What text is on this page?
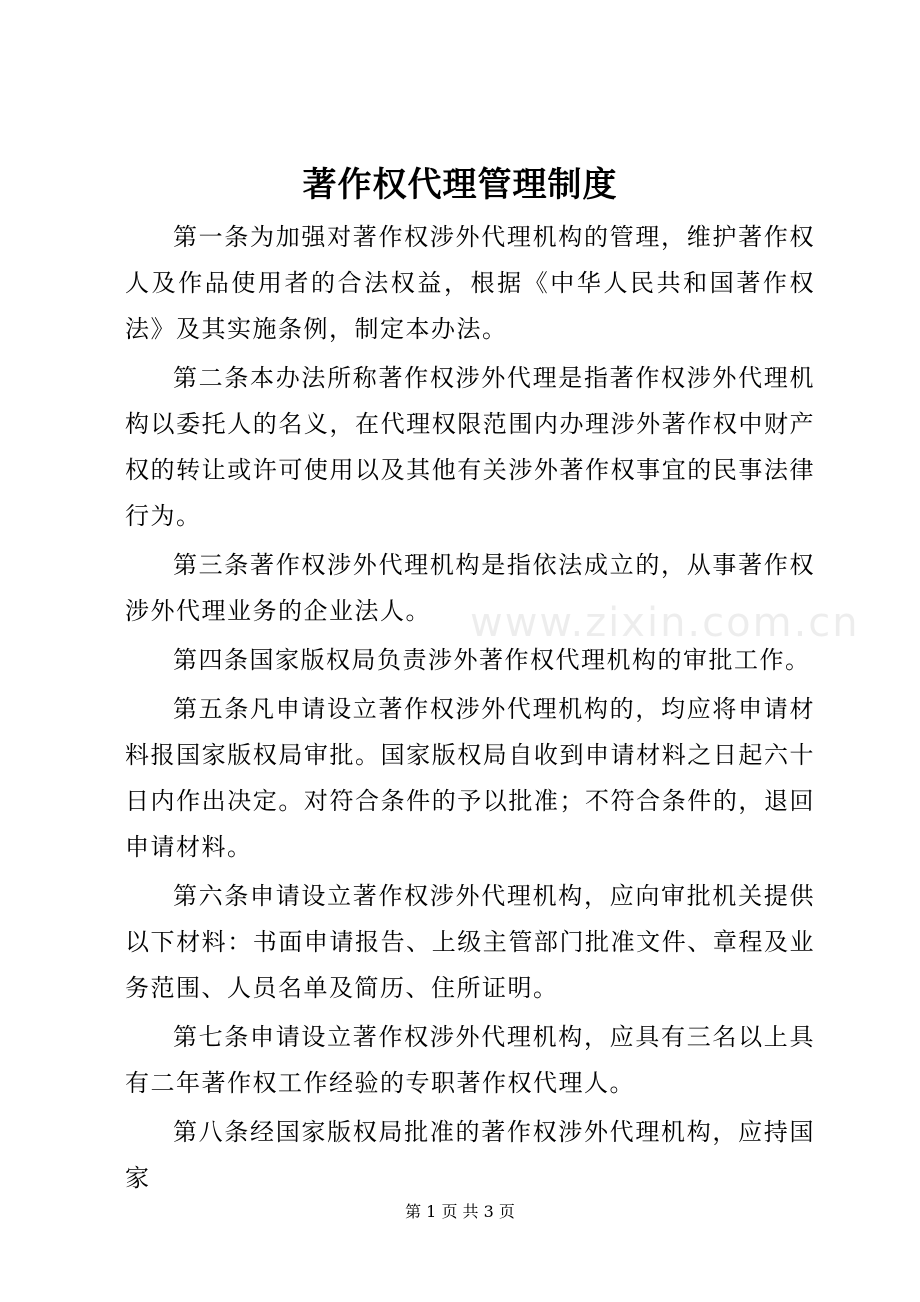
著作权代理管理制度
www.zixin.com.cn

第一条为加强对著作权涉外代理机构的管理，维护著作权人及作品使用者的合法权益，根据《中华人民共和国著作权法》及其实施条例，制定本办法。

第二条本办法所称著作权涉外代理是指著作权涉外代理机构以委托人的名义，在代理权限范围内办理涉外著作权中财产权的转让或许可使用以及其他有关涉外著作权事宜的民事法律行为。

第三条著作权涉外代理机构是指依法成立的，从事著作权涉外代理业务的企业法人。

第四条国家版权局负责涉外著作权代理机构的审批工作。

第五条凡申请设立著作权涉外代理机构的，均应将申请材料报国家版权局审批。国家版权局自收到申请材料之日起六十日内作出决定。对符合条件的予以批准；不符合条件的，退回申请材料。

第六条申请设立著作权涉外代理机构，应向审批机关提供以下材料：书面申请报告、上级主管部门批准文件、章程及业务范围、人员名单及简历、住所证明。

第七条申请设立著作权涉外代理机构，应具有三名以上具有二年著作权工作经验的专职著作权代理人。

第八条经国家版权局批准的著作权涉外代理机构，应持国家

第 1 页 共 3 页
